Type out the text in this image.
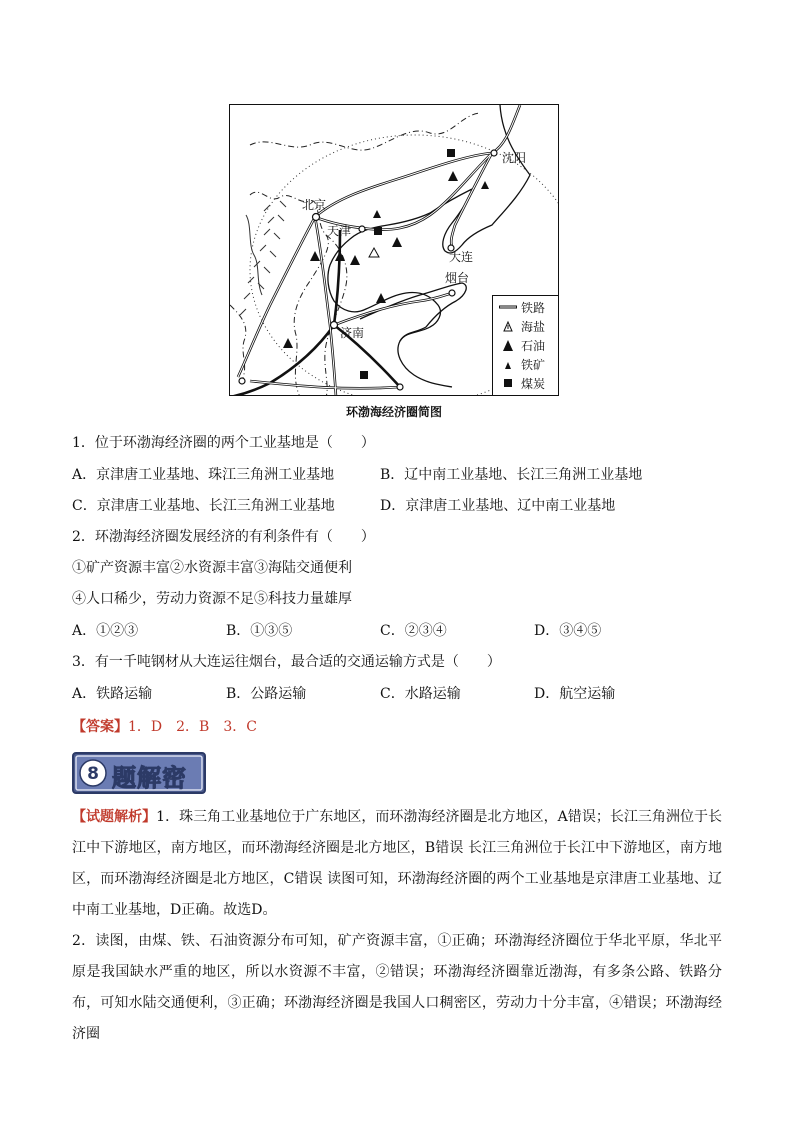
北京
天津
沈阳
大连
烟台
济南
铁路
海盐
石油
铁矿
煤炭
环渤海经济圈简图
1．位于环渤海经济圈的两个工业基地是（　　）
A．京津唐工业基地、珠江三角洲工业基地	B．辽中南工业基地、长江三角洲工业基地
C．京津唐工业基地、长江三角洲工业基地	D．京津唐工业基地、辽中南工业基地
2．环渤海经济圈发展经济的有利条件有（　　）
①矿产资源丰富②水资源丰富③海陆交通便利
④人口稀少，劳动力资源不足⑤科技力量雄厚
A．①②③	B．①③⑤	C．②③④	D．③④⑤
3．有一千吨钢材从大连运往烟台，最合适的交通运输方式是（　　）
A．铁路运输	B．公路运输	C．水路运输	D．航空运输
【答案】1．D　2．B　3．C
8 题解密
【试题解析】1．珠三角工业基地位于广东地区，而环渤海经济圈是北方地区，A错误；长江三角洲位于长江中下游地区，南方地区，而环渤海经济圈是北方地区，B错误 长江三角洲位于长江中下游地区，南方地区，而环渤海经济圈是北方地区，C错误 读图可知，环渤海经济圈的两个工业基地是京津唐工业基地、辽中南工业基地，D正确。故选D。
2．读图，由煤、铁、石油资源分布可知，矿产资源丰富，①正确；环渤海经济圈位于华北平原，华北平原是我国缺水严重的地区，所以水资源不丰富，②错误；环渤海经济圈靠近渤海，有多条公路、铁路分布，可知水陆交通便利，③正确；环渤海经济圈是我国人口稠密区，劳动力十分丰富，④错误；环渤海经济圈
